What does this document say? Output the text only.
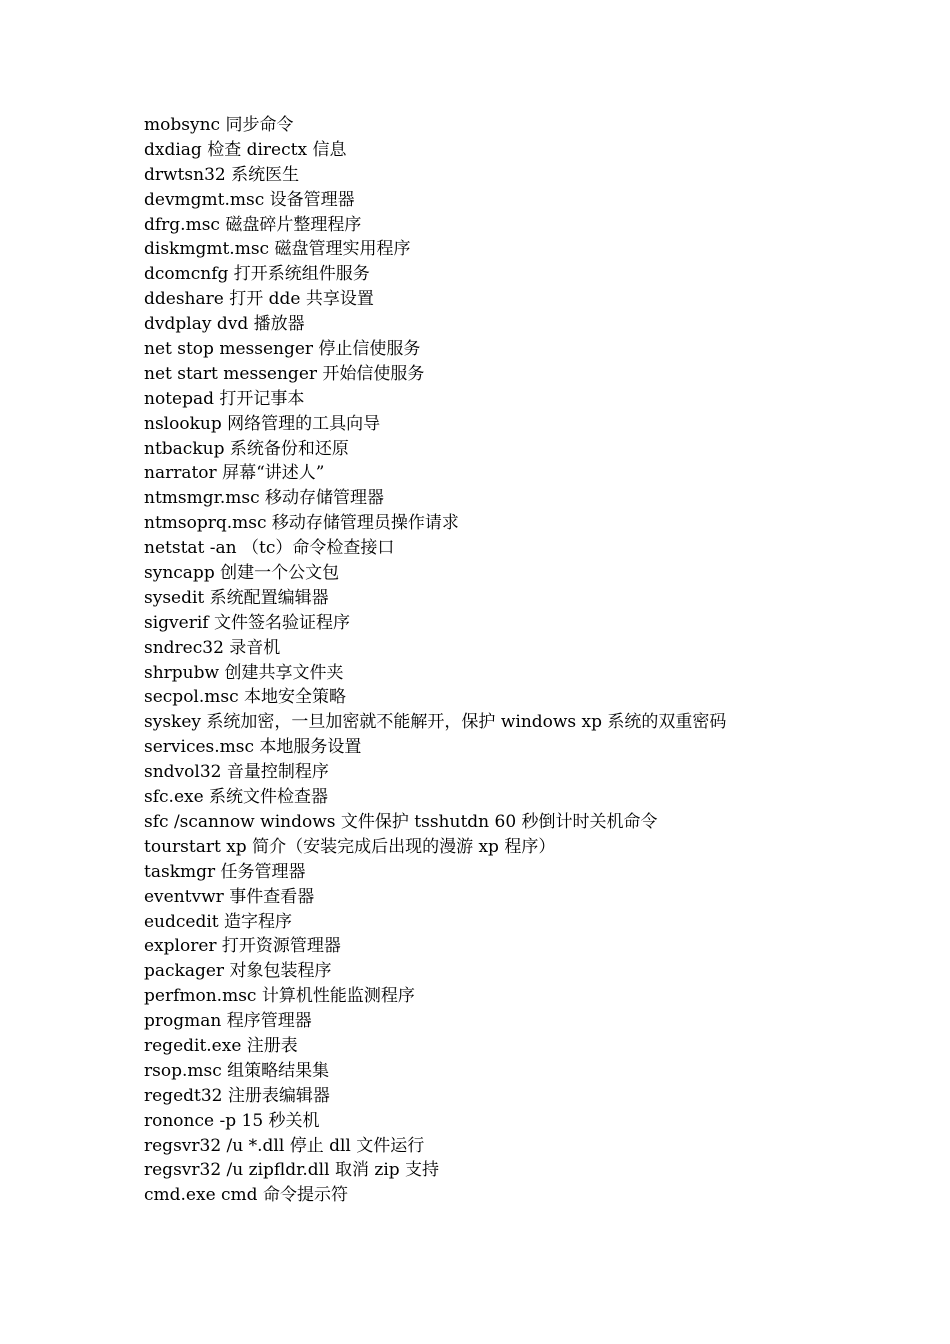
mobsync 同步命令
dxdiag 检查 directx 信息
drwtsn32 系统医生
devmgmt.msc 设备管理器
dfrg.msc 磁盘碎片整理程序
diskmgmt.msc 磁盘管理实用程序
dcomcnfg 打开系统组件服务
ddeshare 打开 dde 共享设置
dvdplay dvd 播放器
net stop messenger 停止信使服务
net start messenger 开始信使服务
notepad 打开记事本
nslookup 网络管理的工具向导
ntbackup 系统备份和还原
narrator 屏幕“讲述人”
ntmsmgr.msc 移动存储管理器
ntmsoprq.msc 移动存储管理员操作请求
netstat -an （tc）命令检查接口
syncapp 创建一个公文包
sysedit 系统配置编辑器
sigverif 文件签名验证程序
sndrec32 录音机
shrpubw 创建共享文件夹
secpol.msc 本地安全策略
syskey 系统加密，一旦加密就不能解开，保护 windows xp 系统的双重密码
services.msc 本地服务设置
sndvol32 音量控制程序
sfc.exe 系统文件检查器
sfc /scannow windows 文件保护 tsshutdn 60 秒倒计时关机命令
tourstart xp 简介（安装完成后出现的漫游 xp 程序）
taskmgr 任务管理器
eventvwr 事件查看器
eudcedit 造字程序
explorer 打开资源管理器
packager 对象包装程序
perfmon.msc 计算机性能监测程序
progman 程序管理器
regedit.exe 注册表
rsop.msc 组策略结果集
regedt32 注册表编辑器
rononce -p 15 秒关机
regsvr32 /u *.dll 停止 dll 文件运行
regsvr32 /u zipfldr.dll 取消 zip 支持
cmd.exe cmd 命令提示符
